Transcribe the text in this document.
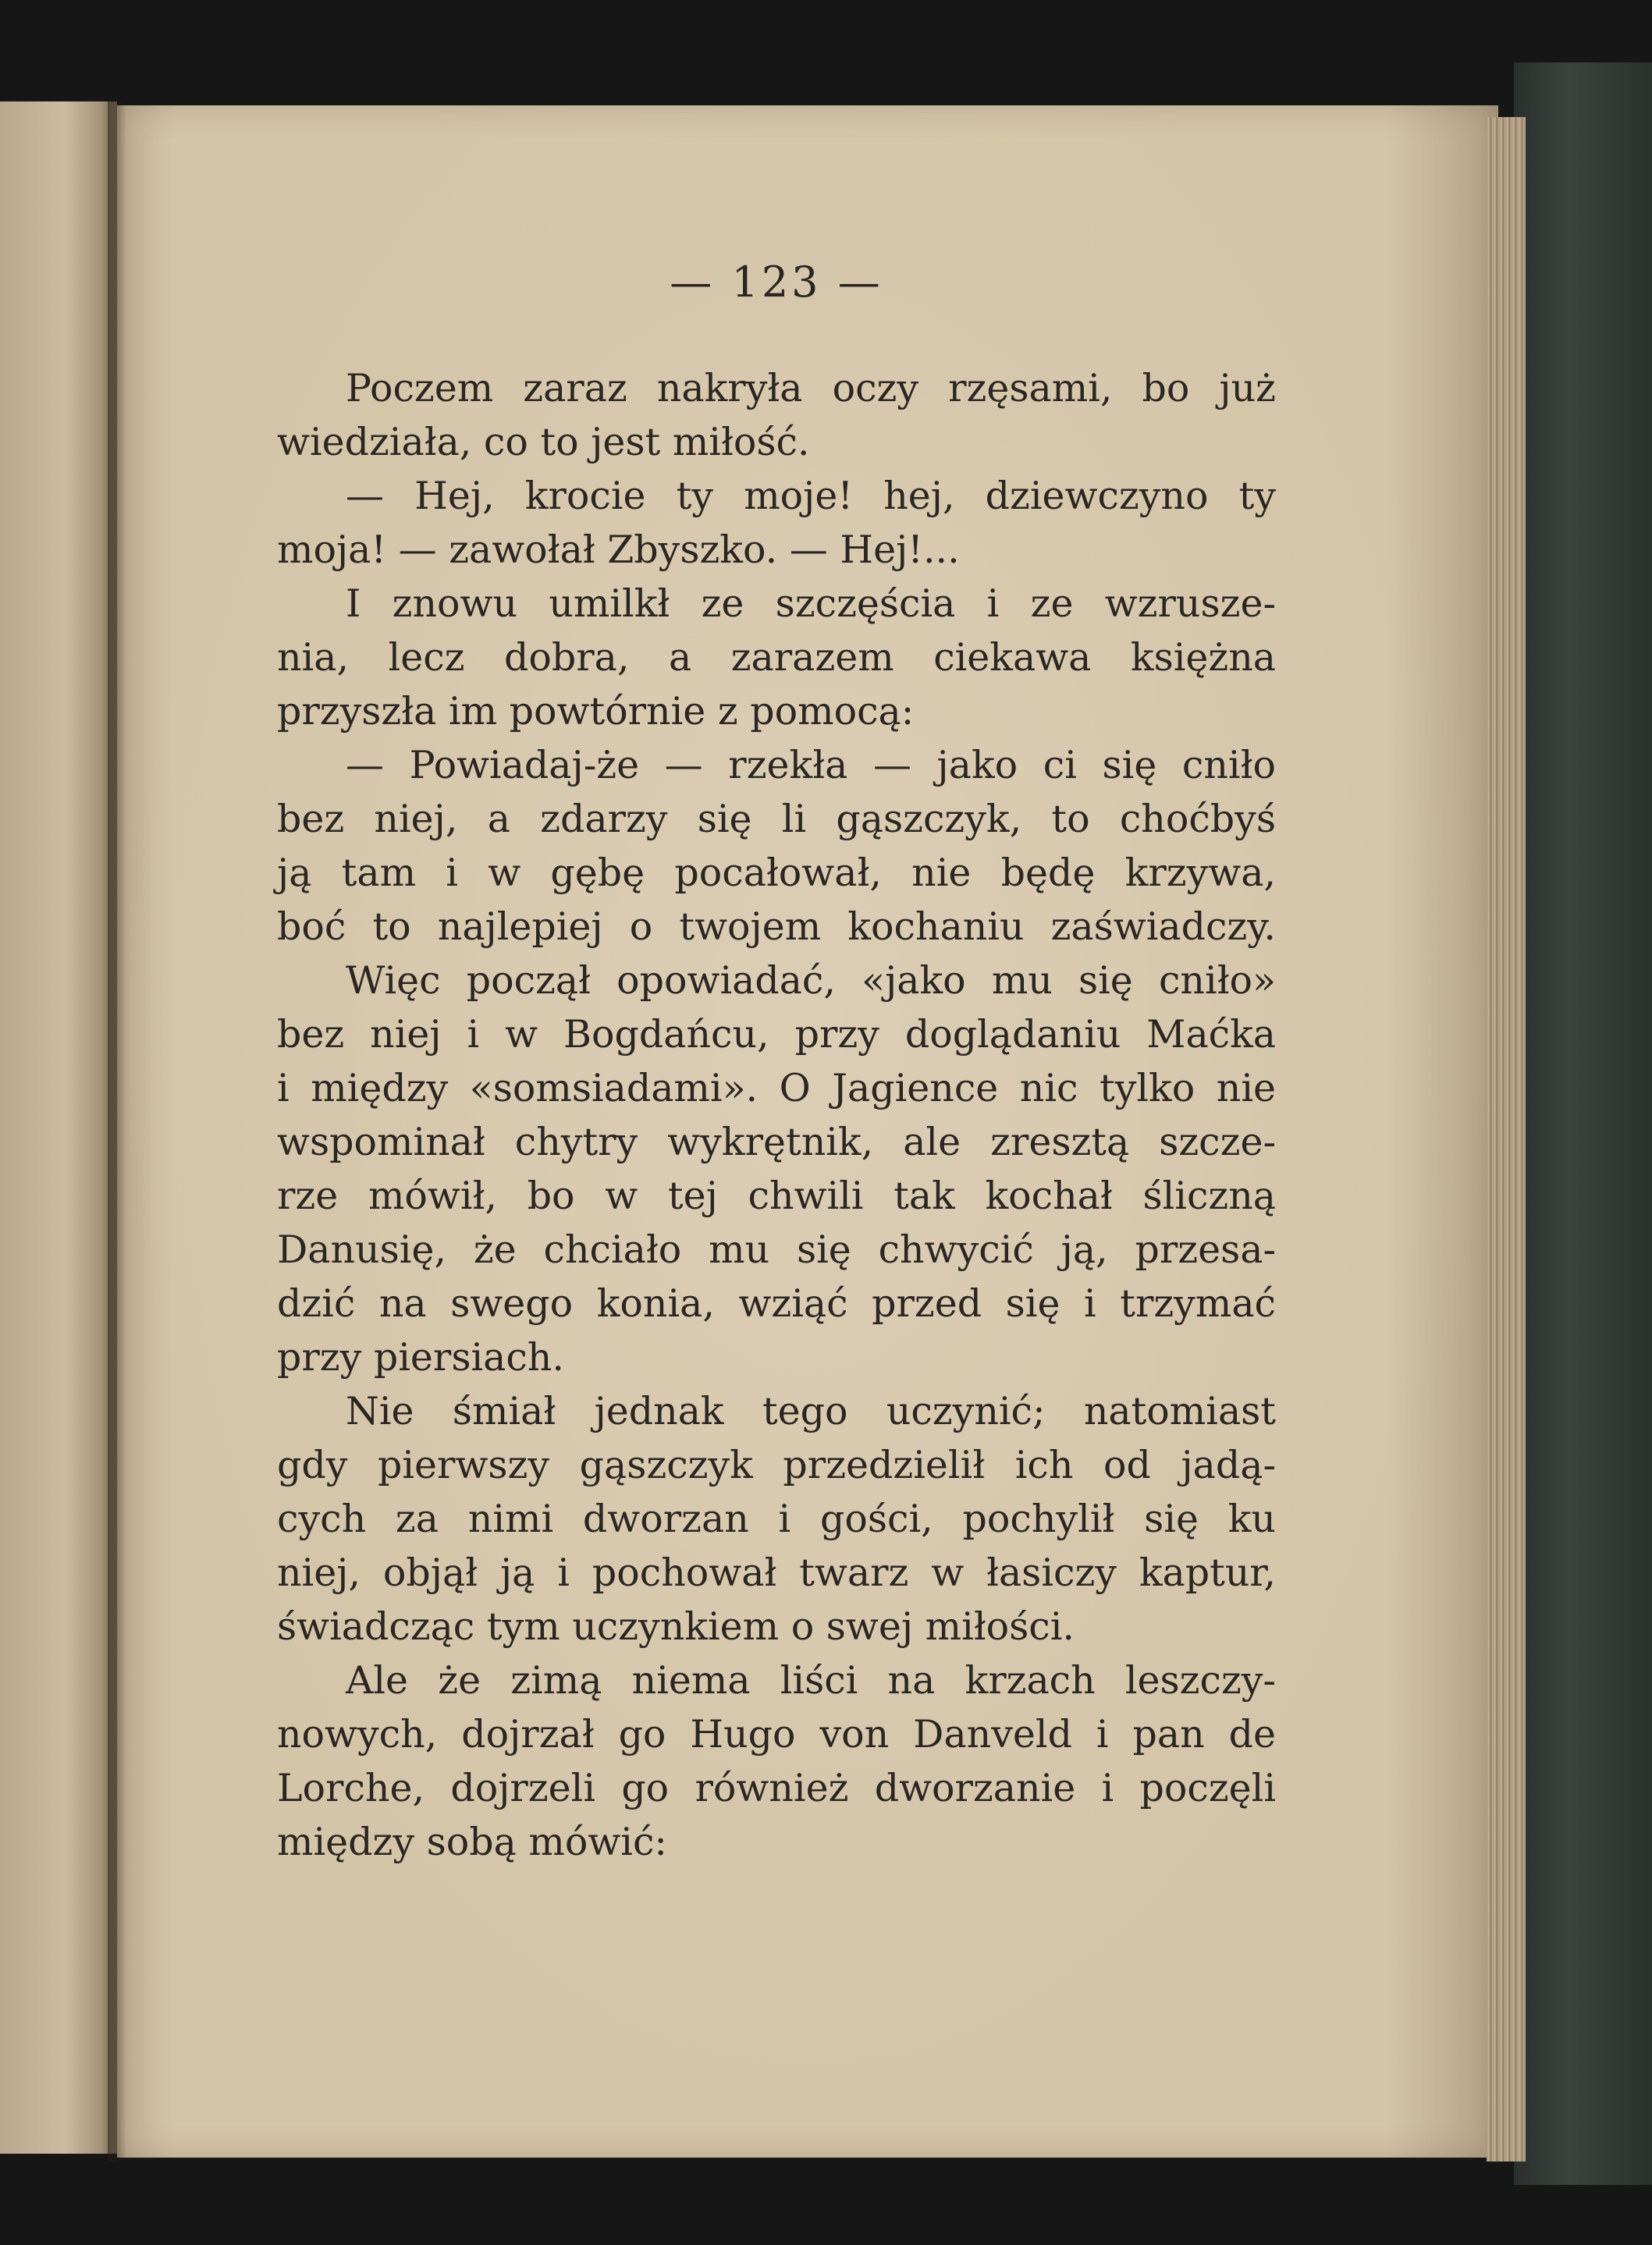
— 123 —
Poczem zaraz nakryła oczy rzęsami, bo już
wiedziała, co to jest miłość.
— Hej, krocie ty moje! hej, dziewczyno ty
moja! — zawołał Zbyszko. — Hej!...
I znowu umilkł ze szczęścia i ze wzrusze-
nia, lecz dobra, a zarazem ciekawa księżna
przyszła im powtórnie z pomocą:
— Powiadaj-że — rzekła — jako ci się cniło
bez niej, a zdarzy się li gąszczyk, to choćbyś
ją tam i w gębę pocałował, nie będę krzywa,
boć to najlepiej o twojem kochaniu zaświadczy.
Więc począł opowiadać, «jako mu się cniło»
bez niej i w Bogdańcu, przy doglądaniu Maćka
i między «somsiadami». O Jagience nic tylko nie
wspominał chytry wykrętnik, ale zresztą szcze-
rze mówił, bo w tej chwili tak kochał śliczną
Danusię, że chciało mu się chwycić ją, przesa-
dzić na swego konia, wziąć przed się i trzymać
przy piersiach.
Nie śmiał jednak tego uczynić; natomiast
gdy pierwszy gąszczyk przedzielił ich od jadą-
cych za nimi dworzan i gości, pochylił się ku
niej, objął ją i pochował twarz w łasiczy kaptur,
świadcząc tym uczynkiem o swej miłości.
Ale że zimą niema liści na krzach leszczy-
nowych, dojrzał go Hugo von Danveld i pan de
Lorche, dojrzeli go również dworzanie i poczęli
między sobą mówić:
